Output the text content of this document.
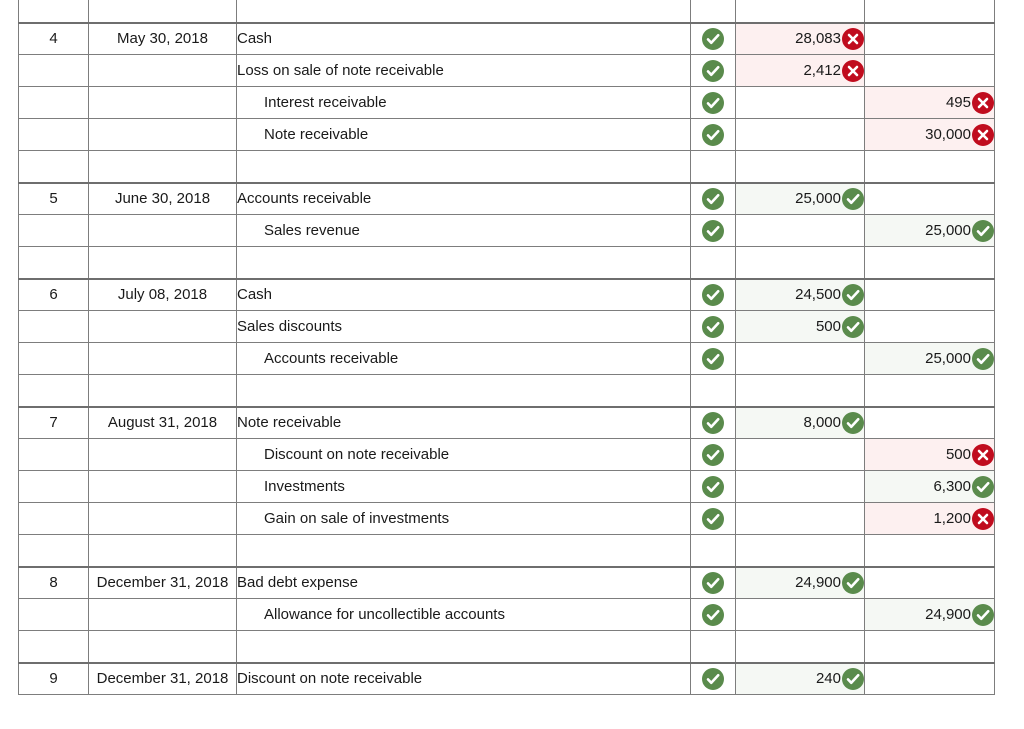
4	May 30, 2018	Cash		28,083	

		Loss on sale of note receivable		2,412	

		Interest receivable			495

		Note receivable			30,000

5	June 30, 2018	Accounts receivable		25,000	

		Sales revenue			25,000

6	July 08, 2018	Cash		24,500	

		Sales discounts		500	

		Accounts receivable			25,000

7	August 31, 2018	Note receivable		8,000	

		Discount on note receivable			500

		Investments			6,300

		Gain on sale of investments			1,200

8	December 31, 2018	Bad debt expense		24,900	

		Allowance for uncollectible accounts			24,900

9	December 31, 2018	Discount on note receivable		240	
